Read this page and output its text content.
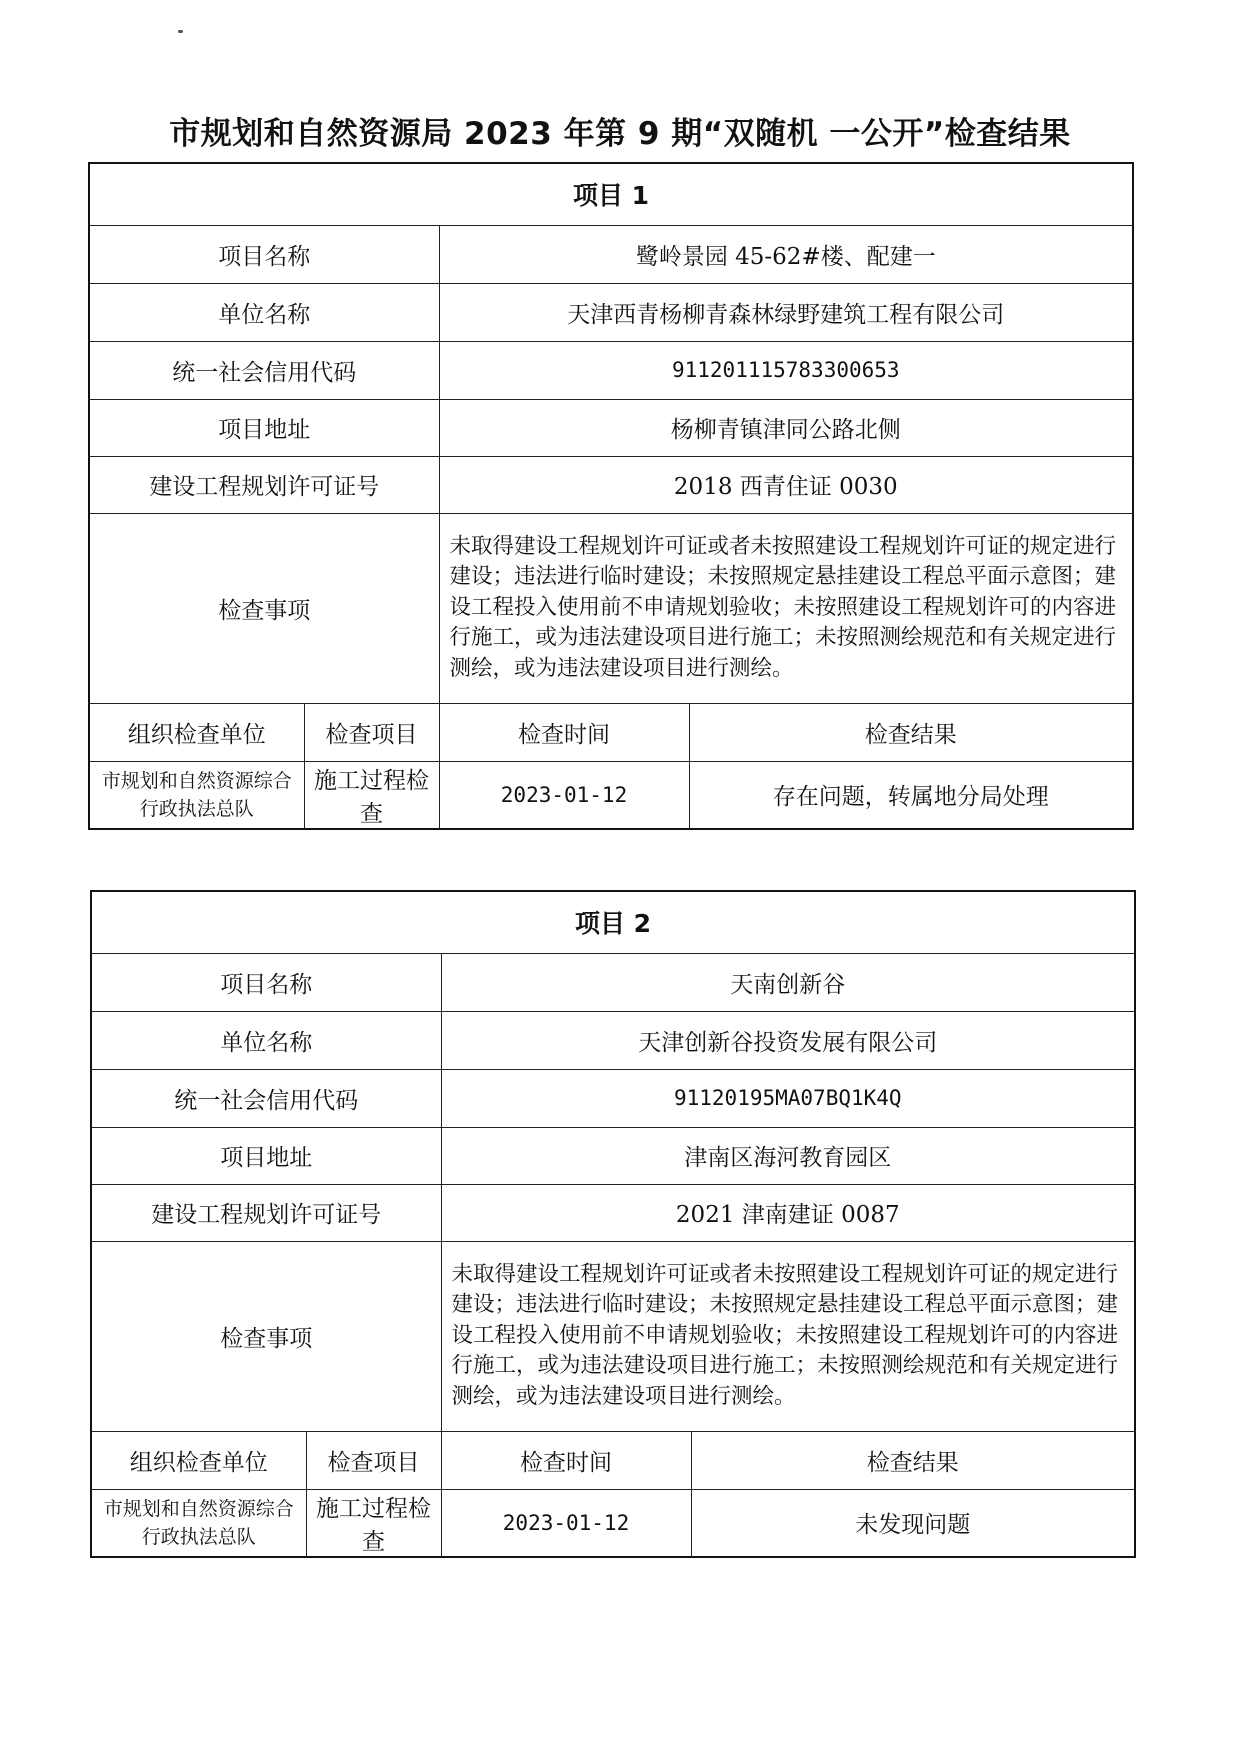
市规划和自然资源局 2023 年第 9 期“双随机 一公开”检查结果
项目 1			
项目名称		鹭岭景园 45-62#楼、配建一	
单位名称		天津西青杨柳青森林绿野建筑工程有限公司	
统一社会信用代码		911201115783300653	
项目地址		杨柳青镇津同公路北侧	
建设工程规划许可证号		2018 西青住证 0030	
检查事项		未取得建设工程规划许可证或者未按照建设工程规划许可证的规定进行建设；违法进行临时建设；未按照规定悬挂建设工程总平面示意图；建设工程投入使用前不申请规划验收；未按照建设工程规划许可的内容进行施工，或为违法建设项目进行施工；未按照测绘规范和有关规定进行测绘，或为违法建设项目进行测绘。	
组织检查单位	检查项目	检查时间	检查结果
市规划和自然资源综合行政执法总队	施工过程检查	2023-01-12	存在问题，转属地分局处理
项目 2			
项目名称		天南创新谷	
单位名称		天津创新谷投资发展有限公司	
统一社会信用代码		91120195MA07BQ1K4Q	
项目地址		津南区海河教育园区	
建设工程规划许可证号		2021 津南建证 0087	
检查事项		未取得建设工程规划许可证或者未按照建设工程规划许可证的规定进行建设；违法进行临时建设；未按照规定悬挂建设工程总平面示意图；建设工程投入使用前不申请规划验收；未按照建设工程规划许可的内容进行施工，或为违法建设项目进行施工；未按照测绘规范和有关规定进行测绘，或为违法建设项目进行测绘。	
组织检查单位	检查项目	检查时间	检查结果
市规划和自然资源综合行政执法总队	施工过程检查	2023-01-12	未发现问题
